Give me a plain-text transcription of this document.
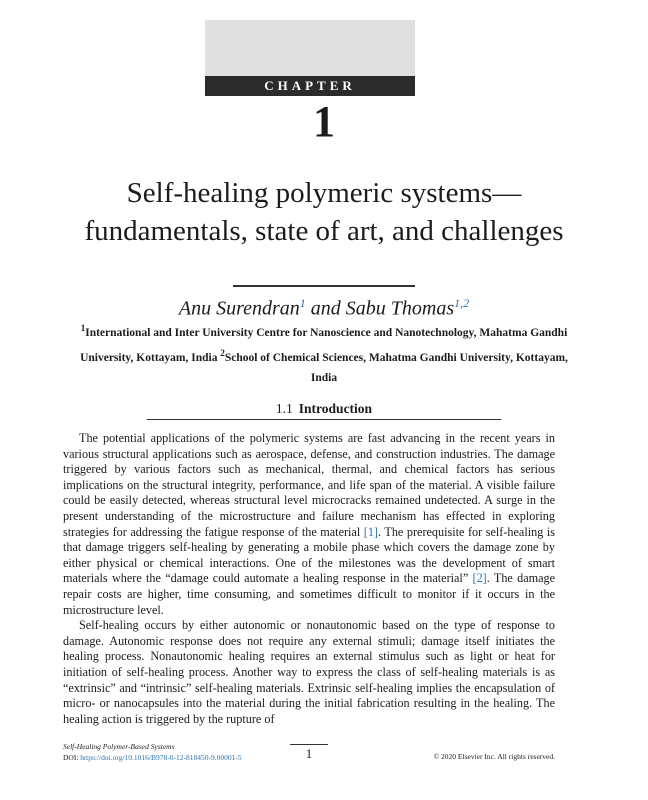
CHAPTER
1
Self-healing polymeric systems— fundamentals, state of art, and challenges
Anu Surendran$^1$ and Sabu Thomas$^{1,2}$
$^1$International and Inter University Centre for Nanoscience and Nanotechnology, Mahatma Gandhi University, Kottayam, India $^2$School of Chemical Sciences, Mahatma Gandhi University, Kottayam, India
1.1 Introduction

The potential applications of the polymeric systems are fast advancing in the recent years in various structural applications such as aerospace, defense, and construction industries. The damage triggered by various factors such as mechanical, thermal, and chemical factors has serious implications on the structural integrity, performance, and life span of the material. A visible failure could be easily detected, whereas structural level microcracks remained undetected. A surge in the present understanding of the microstructure and failure mechanism has effected in exploring strategies for addressing the fatigue response of the material [1]. The prerequisite for self-healing is that damage triggers self-healing by generating a mobile phase which covers the damage zone by either physical or chemical interactions. One of the milestones was the development of smart materials where the “damage could automate a healing response in the material” [2]. The damage repair costs are higher, time consuming, and sometimes difficult to monitor if it occurs in the microstructure level.

Self-healing occurs by either autonomic or nonautonomic based on the type of response to damage. Autonomic response does not require any external stimuli; damage itself initiates the healing process. Nonautonomic healing requires an external stimulus such as light or heat for initiation of self-healing process. Another way to express the class of self-healing materials is as “extrinsic” and “intrinsic” self-healing materials. Extrinsic self-healing implies the encapsulation of micro- or nanocapsules into the material during the initial fabrication resulting in the healing. The healing action is triggered by the rupture of

Self-Healing Polymer-Based Systems
DOI: https://doi.org/10.1016/B978-0-12-818450-9.00001-5	1	© 2020 Elsevier Inc. All rights reserved.
